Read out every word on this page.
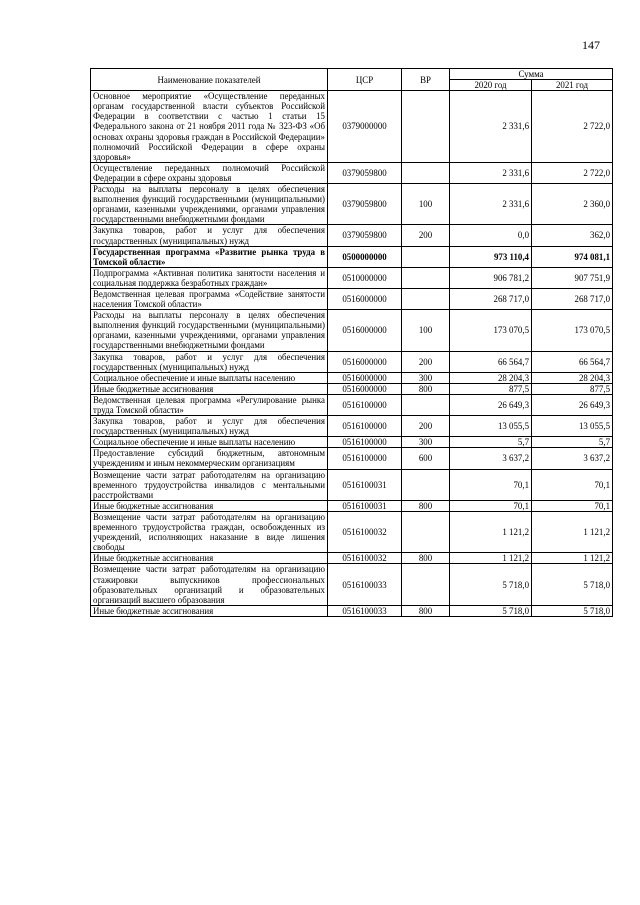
147
Наименование показателей	ЦСР	ВР	Сумма	
			2020 год	2021 год
Основное мероприятие «Осуществление переданных органам государственной власти субъектов Российской Федерации в соответствии с частью 1 статьи 15 Федерального закона от 21 ноября 2011 года № 323-ФЗ «Об основах охраны здоровья граждан в Российской Федерации» полномочий Российской Федерации в сфере охраны здоровья»	0379000000		2 331,6	2 722,0
Осуществление переданных полномочий Российской Федерации в сфере охраны здоровья	0379059800		2 331,6	2 722,0
Расходы на выплаты персоналу в целях обеспечения выполнения функций государственными (муниципальными) органами, казенными учреждениями, органами управления государственными внебюджетными фондами	0379059800	100	2 331,6	2 360,0
Закупка товаров, работ и услуг для обеспечения государственных (муниципальных) нужд	0379059800	200	0,0	362,0
Государственная программа «Развитие рынка труда в Томской области»	0500000000		973 110,4	974 081,1
Подпрограмма «Активная политика занятости населения и социальная поддержка безработных граждан»	0510000000		906 781,2	907 751,9
Ведомственная целевая программа «Содействие занятости населения Томской области»	0516000000		268 717,0	268 717,0
Расходы на выплаты персоналу в целях обеспечения выполнения функций государственными (муниципальными) органами, казенными учреждениями, органами управления государственными внебюджетными фондами	0516000000	100	173 070,5	173 070,5
Закупка товаров, работ и услуг для обеспечения государственных (муниципальных) нужд	0516000000	200	66 564,7	66 564,7
Социальное обеспечение и иные выплаты населению	0516000000	300	28 204,3	28 204,3
Иные бюджетные ассигнования	0516000000	800	877,5	877,5
Ведомственная целевая программа «Регулирование рынка труда Томской области»	0516100000		26 649,3	26 649,3
Закупка товаров, работ и услуг для обеспечения государственных (муниципальных) нужд	0516100000	200	13 055,5	13 055,5
Социальное обеспечение и иные выплаты населению	0516100000	300	5,7	5,7
Предоставление субсидий бюджетным, автономным учреждениям и иным некоммерческим организациям	0516100000	600	3 637,2	3 637,2
Возмещение части затрат работодателям на организацию временного трудоустройства инвалидов с ментальными расстройствами	0516100031		70,1	70,1
Иные бюджетные ассигнования	0516100031	800	70,1	70,1
Возмещение части затрат работодателям на организацию временного трудоустройства граждан, освобожденных из учреждений, исполняющих наказание в виде лишения свободы	0516100032		1 121,2	1 121,2
Иные бюджетные ассигнования	0516100032	800	1 121,2	1 121,2
Возмещение части затрат работодателям на организацию стажировки выпускников профессиональных образовательных организаций и образовательных организаций высшего образования	0516100033		5 718,0	5 718,0
Иные бюджетные ассигнования	0516100033	800	5 718,0	5 718,0
